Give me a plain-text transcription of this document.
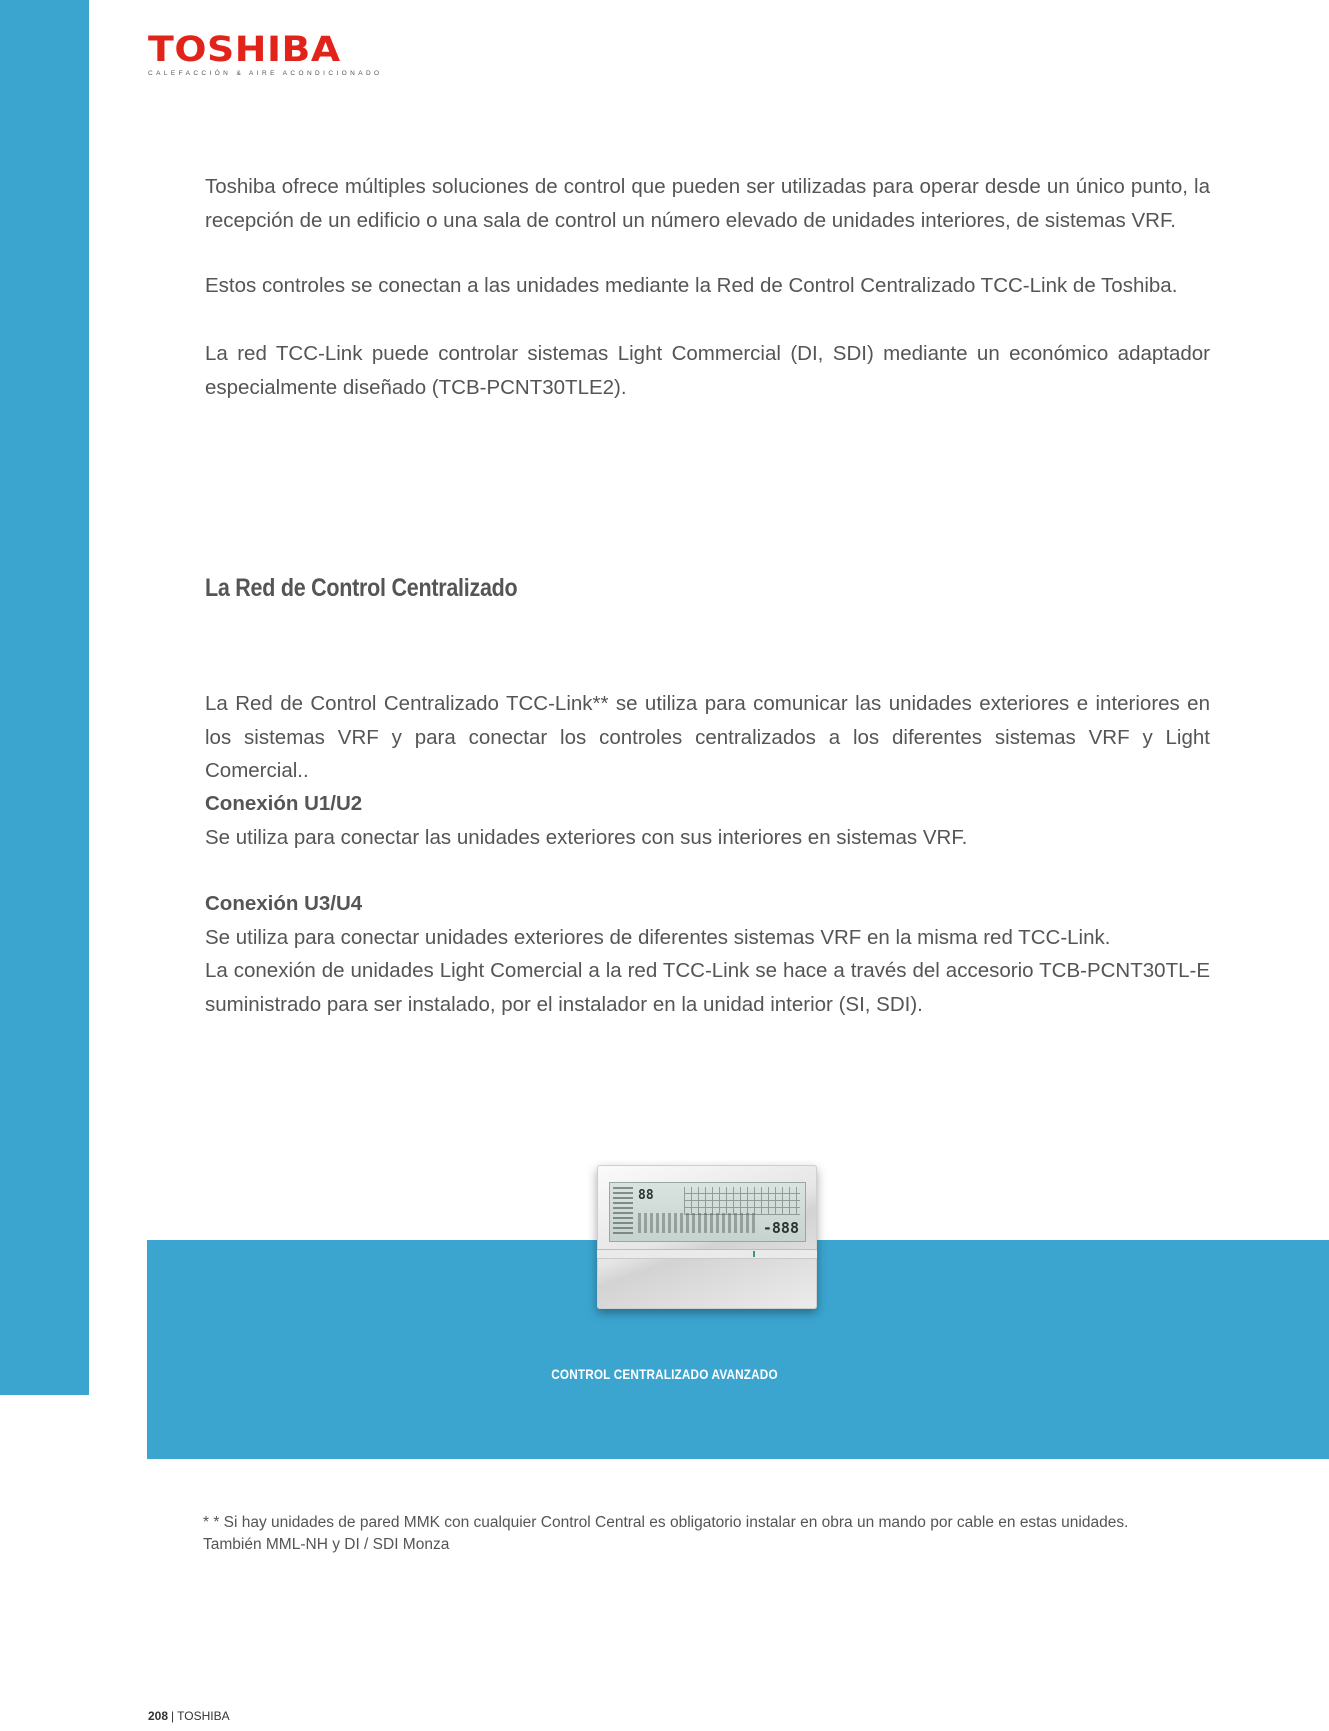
TOSHIBA
CALEFACCIÓN & AIRE ACONDICIONADO

Toshiba ofrece múltiples soluciones de control que pueden ser utilizadas para operar desde un único punto, la recepción de un edificio o una sala de control un número elevado de unidades interiores, de sistemas VRF.

Estos controles se conectan a las unidades mediante la Red de Control Centralizado TCC-Link de Toshiba.

La red TCC-Link puede controlar sistemas Light Commercial (DI, SDI) mediante un económico adaptador especialmente diseñado (TCB-PCNT30TLE2).

La Red de Control Centralizado

La Red de Control Centralizado TCC-Link** se utiliza para comunicar las unidades exteriores e interiores en los sistemas VRF y para conectar los controles centralizados a los diferentes sistemas VRF y Light Comercial..

Conexión U1/U2
Se utiliza para conectar las unidades exteriores con sus interiores en sistemas VRF.
Conexión U3/U4
Se utiliza para conectar unidades exteriores de diferentes sistemas VRF en la misma red TCC-Link.
La conexión de unidades Light Comercial a la red TCC-Link se hace a través del accesorio TCB-PCNT30TL-E suministrado para ser instalado, por el instalador en la unidad interior (SI, SDI).
88
-888
CONTROL CENTRALIZADO AVANZADO

* * Si hay unidades de pared MMK con cualquier Control Central es obligatorio instalar en obra un mando por cable en estas unidades.

También MML-NH y DI / SDI Monza

208 | TOSHIBA
